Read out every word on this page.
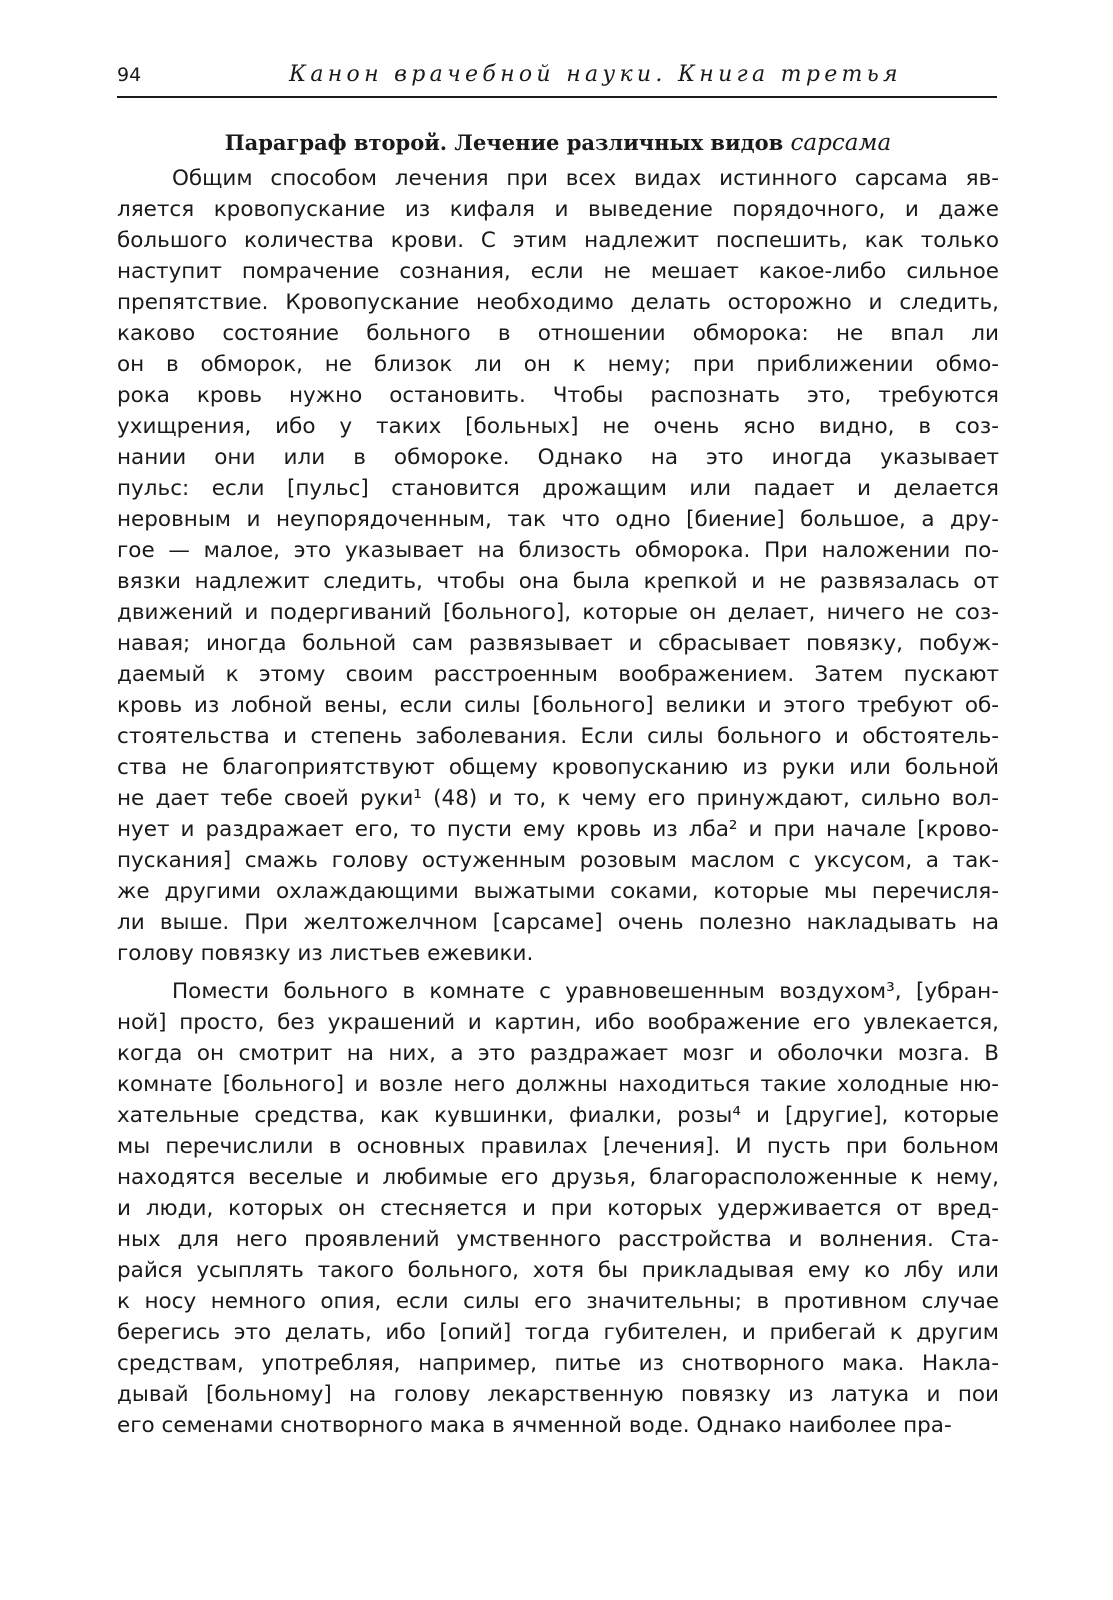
94	Канон врачебной науки. Книга третья
Параграф второй. Лечение различных видов сарсама
Общим способом лечения при всех видах истинного сарсама яв-
ляется кровопускание из кифаля и выведение порядочного, и даже
большого количества крови. С этим надлежит поспешить, как только
наступит помрачение сознания, если не мешает какое-либо сильное
препятствие. Кровопускание необходимо делать осторожно и следить,
каково состояние больного в отношении обморока: не впал ли
он в обморок, не близок ли он к нему; при приближении обмо-
рока кровь нужно остановить. Чтобы распознать это, требуются
ухищрения, ибо у таких [больных] не очень ясно видно, в соз-
нании они или в обмороке. Однако на это иногда указывает
пульс: если [пульс] становится дрожащим или падает и делается
неровным и неупорядоченным, так что одно [биение] большое, а дру-
гое — малое, это указывает на близость обморока. При наложении по-
вязки надлежит следить, чтобы она была крепкой и не развязалась от
движений и подергиваний [больного], которые он делает, ничего не соз-
навая; иногда больной сам развязывает и сбрасывает повязку, побуж-
даемый к этому своим расстроенным воображением. Затем пускают
кровь из лобной вены, если силы [больного] велики и этого требуют об-
стоятельства и степень заболевания. Если силы больного и обстоятель-
ства не благоприятствуют общему кровопусканию из руки или больной
не дает тебе своей руки¹ (48) и то, к чему его принуждают, сильно вол-
нует и раздражает его, то пусти ему кровь из лба² и при начале [крово-
пускания] смажь голову остуженным розовым маслом с уксусом, а так-
же другими охлаждающими выжатыми соками, которые мы перечисля-
ли выше. При желтожелчном [сарсаме] очень полезно накладывать на
голову повязку из листьев ежевики.
Помести больного в комнате с уравновешенным воздухом³, [убран-
ной] просто, без украшений и картин, ибо воображение его увлекается,
когда он смотрит на них, а это раздражает мозг и оболочки мозга. В
комнате [больного] и возле него должны находиться такие холодные ню-
хательные средства, как кувшинки, фиалки, розы⁴ и [другие], которые
мы перечислили в основных правилах [лечения]. И пусть при больном
находятся веселые и любимые его друзья, благорасположенные к нему,
и люди, которых он стесняется и при которых удерживается от вред-
ных для него проявлений умственного расстройства и волнения. Ста-
райся усыплять такого больного, хотя бы прикладывая ему ко лбу или
к носу немного опия, если силы его значительны; в противном случае
берегись это делать, ибо [опий] тогда губителен, и прибегай к другим
средствам, употребляя, например, питье из снотворного мака. Накла-
дывай [больному] на голову лекарственную повязку из латука и пои
его семенами снотворного мака в ячменной воде. Однако наиболее пра-
